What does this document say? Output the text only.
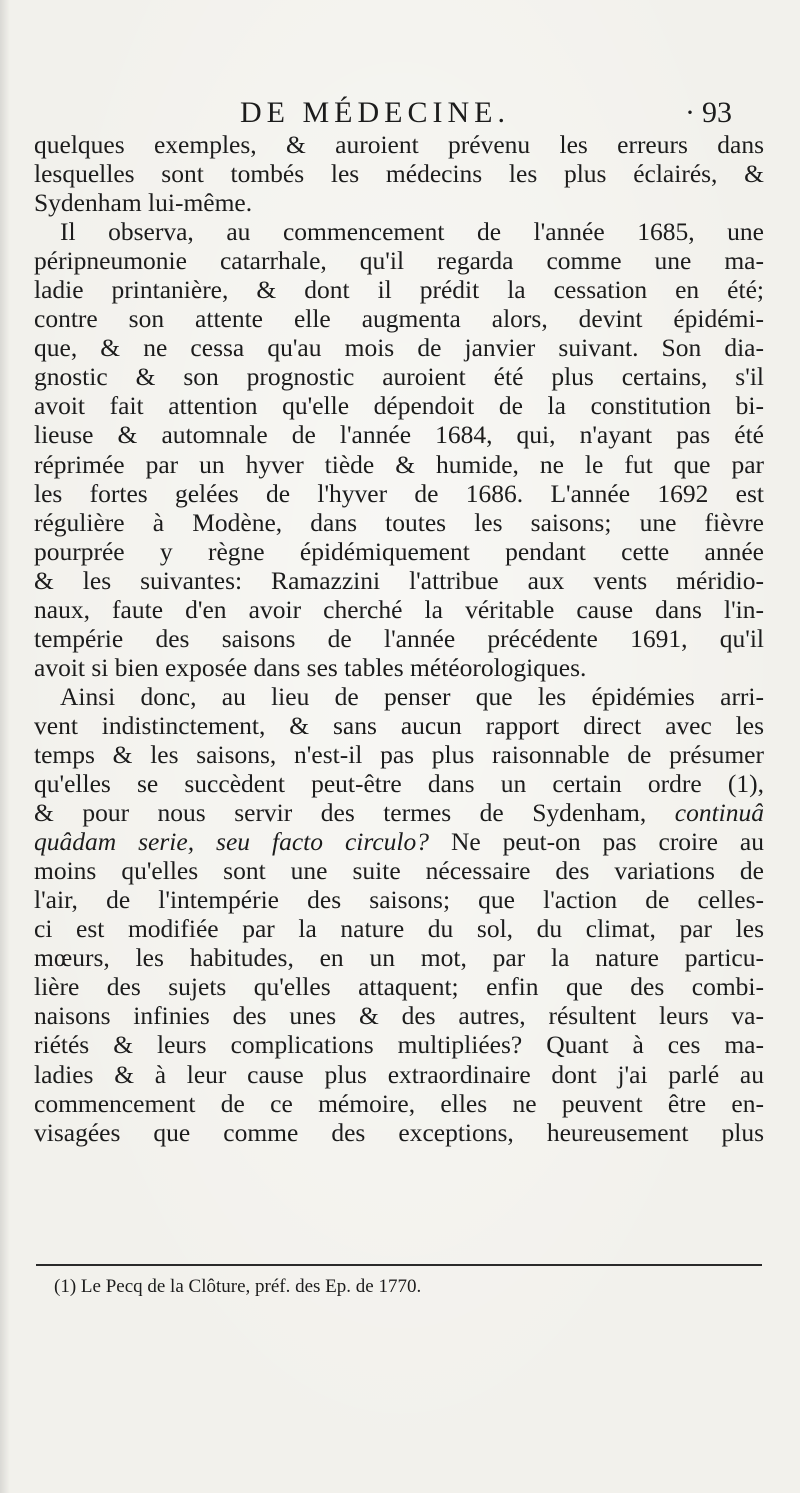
DE MÉDECINE.	· 93
quelques exemples, & auroient prévenu les erreurs dans
lesquelles sont tombés les médecins les plus éclairés, &
Sydenham lui-même.
Il observa, au commencement de l'année 1685, une
péripneumonie catarrhale, qu'il regarda comme une ma-
ladie printanière, & dont il prédit la cessation en été;
contre son attente elle augmenta alors, devint épidémi-
que, & ne cessa qu'au mois de janvier suivant. Son dia-
gnostic & son prognostic auroient été plus certains, s'il
avoit fait attention qu'elle dépendoit de la constitution bi-
lieuse & automnale de l'année 1684, qui, n'ayant pas été
réprimée par un hyver tiède & humide, ne le fut que par
les fortes gelées de l'hyver de 1686. L'année 1692 est
régulière à Modène, dans toutes les saisons; une fièvre
pourprée y règne épidémiquement pendant cette année
& les suivantes: Ramazzini l'attribue aux vents méridio-
naux, faute d'en avoir cherché la véritable cause dans l'in-
tempérie des saisons de l'année précédente 1691, qu'il
avoit si bien exposée dans ses tables météorologiques.
Ainsi donc, au lieu de penser que les épidémies arri-
vent indistinctement, & sans aucun rapport direct avec les
temps & les saisons, n'est-il pas plus raisonnable de présumer
qu'elles se succèdent peut-être dans un certain ordre (1),
& pour nous servir des termes de Sydenham, continuâ
quâdam serie, seu facto circulo? Ne peut-on pas croire au
moins qu'elles sont une suite nécessaire des variations de
l'air, de l'intempérie des saisons; que l'action de celles-
ci est modifiée par la nature du sol, du climat, par les
mœurs, les habitudes, en un mot, par la nature particu-
lière des sujets qu'elles attaquent; enfin que des combi-
naisons infinies des unes & des autres, résultent leurs va-
riétés & leurs complications multipliées? Quant à ces ma-
ladies & à leur cause plus extraordinaire dont j'ai parlé au
commencement de ce mémoire, elles ne peuvent être en-
visagées que comme des exceptions, heureusement plus
(1) Le Pecq de la Clôture, préf. des Ep. de 1770.
